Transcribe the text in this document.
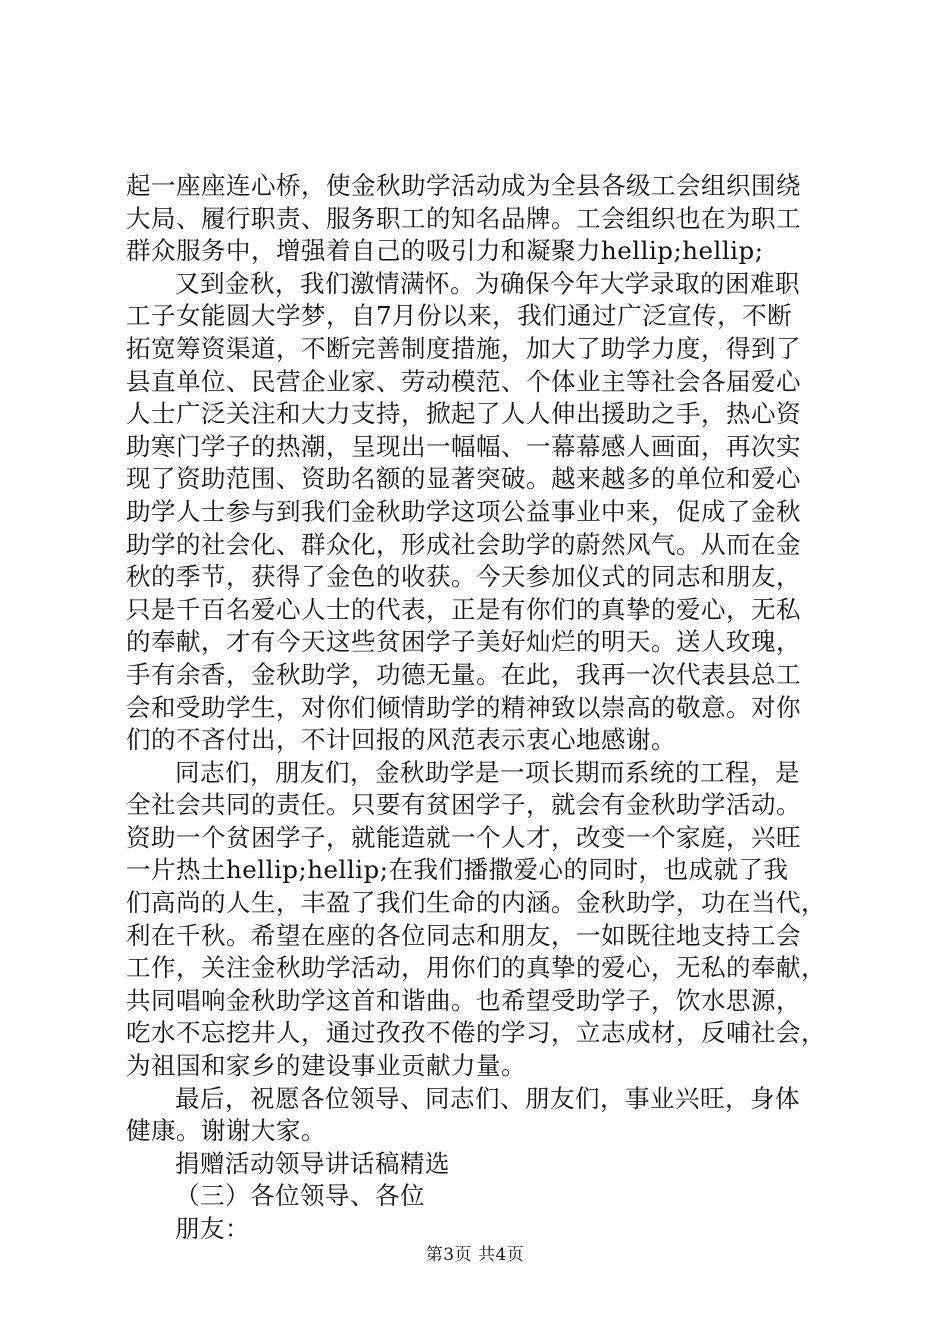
起一座座连心桥，使金秋助学活动成为全县各级工会组织围绕
大局、履行职责、服务职工的知名品牌。工会组织也在为职工
群众服务中，增强着自己的吸引力和凝聚力hellip;hellip;
又到金秋，我们激情满怀。为确保今年大学录取的困难职
工子女能圆大学梦，自7月份以来，我们通过广泛宣传，不断
拓宽筹资渠道，不断完善制度措施，加大了助学力度，得到了
县直单位、民营企业家、劳动模范、个体业主等社会各届爱心
人士广泛关注和大力支持，掀起了人人伸出援助之手，热心资
助寒门学子的热潮，呈现出一幅幅、一幕幕感人画面，再次实
现了资助范围、资助名额的显著突破。越来越多的单位和爱心
助学人士参与到我们金秋助学这项公益事业中来，促成了金秋
助学的社会化、群众化，形成社会助学的蔚然风气。从而在金
秋的季节，获得了金色的收获。今天参加仪式的同志和朋友，
只是千百名爱心人士的代表，正是有你们的真挚的爱心，无私
的奉献，才有今天这些贫困学子美好灿烂的明天。送人玫瑰，
手有余香，金秋助学，功德无量。在此，我再一次代表县总工
会和受助学生，对你们倾情助学的精神致以崇高的敬意。对你
们的不吝付出，不计回报的风范表示衷心地感谢。
同志们，朋友们，金秋助学是一项长期而系统的工程，是
全社会共同的责任。只要有贫困学子，就会有金秋助学活动。
资助一个贫困学子，就能造就一个人才，改变一个家庭，兴旺
一片热土hellip;hellip;在我们播撒爱心的同时，也成就了我
们高尚的人生，丰盈了我们生命的内涵。金秋助学，功在当代，
利在千秋。希望在座的各位同志和朋友，一如既往地支持工会
工作，关注金秋助学活动，用你们的真挚的爱心，无私的奉献，
共同唱响金秋助学这首和谐曲。也希望受助学子，饮水思源，
吃水不忘挖井人，通过孜孜不倦的学习，立志成材，反哺社会，
为祖国和家乡的建设事业贡献力量。
最后，祝愿各位领导、同志们、朋友们，事业兴旺，身体
健康。谢谢大家。
捐赠活动领导讲话稿精选
（三）各位领导、各位
朋友：
第3页 共4页
